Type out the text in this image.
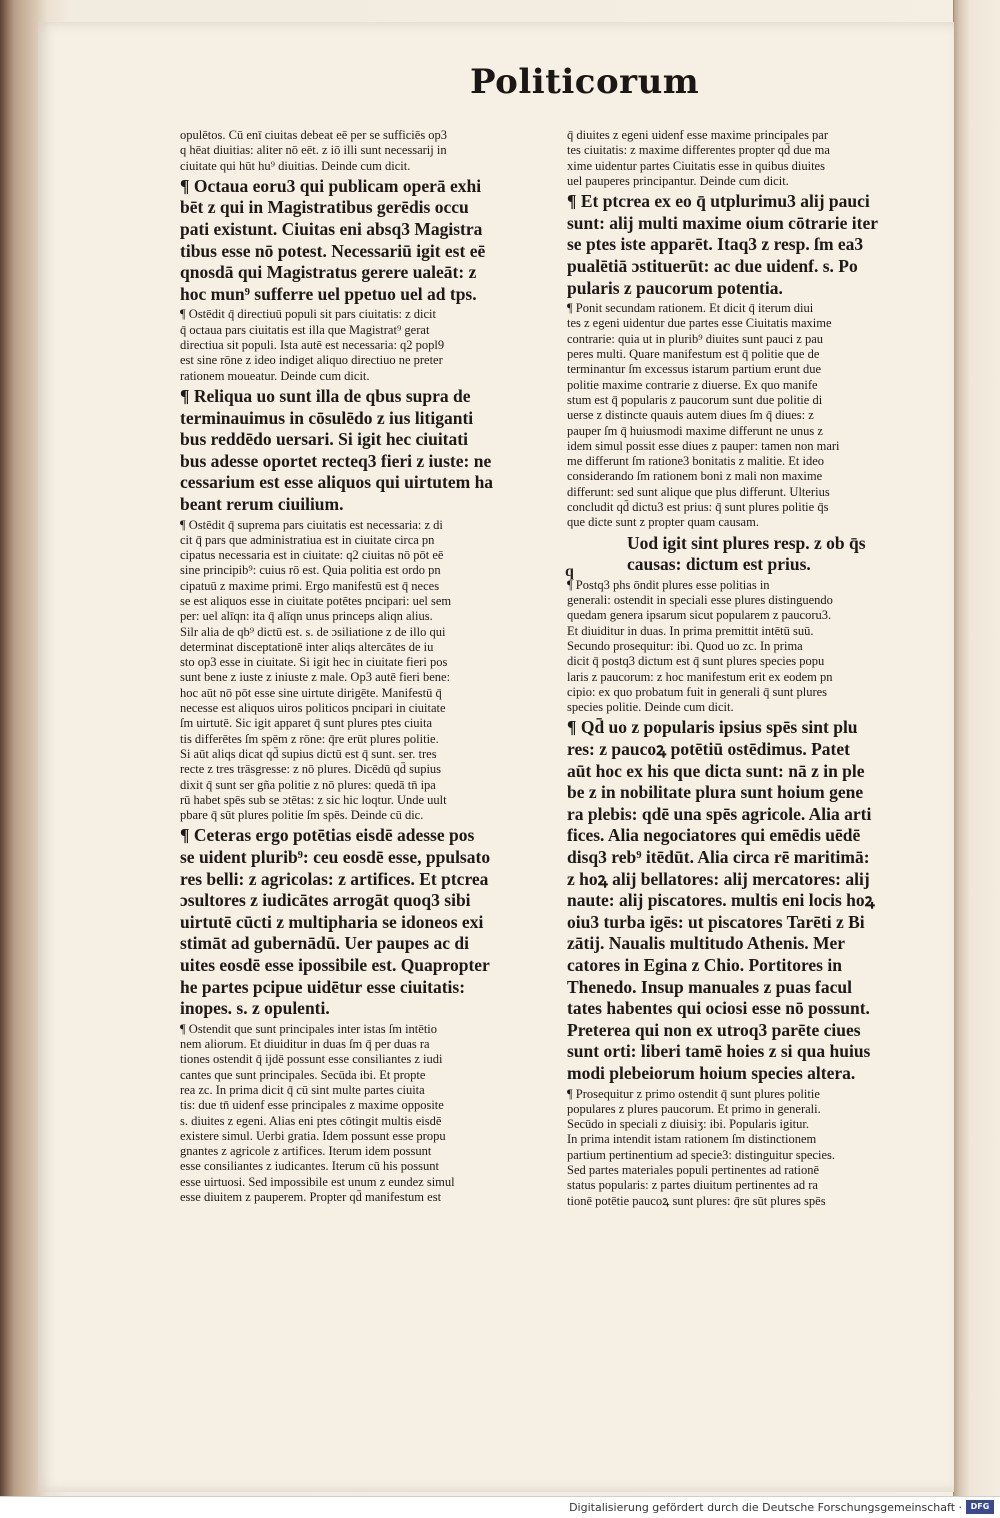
Politicorum
opulētos. Cū enī ciuitas debeat eē per se sufficiēs op3
q hēat diuitias: aliter nō eēt. z iō illi sunt necessarij in
ciuitate qui hūt hu⁹ diuitias. Deinde cum dicit.
¶ Octaua eoru3 qui publicam operā exhi
bēt z qui in Magistratibus gerēdis occu
pati existunt. Ciuitas eni absq3 Magistra
tibus esse nō potest. Necessariū igit est eē
qnosdā qui Magistratus gerere ualeāt: z
hoc mun⁹ sufferre uel ppetuo uel ad tps.
¶ Ostēdit q̄ directiuū populi sit pars ciuitatis: z dicit
q̄ octaua pars ciuitatis est illa que Magistrat⁹ gerat
directiua sit populi. Ista autē est necessaria: q2 popl9
est sine rōne z ideo indiget aliquo directiuo ne preter
rationem moueatur. Deinde cum dicit.
¶ Reliqua uo sunt illa de qbus supra de
terminauimus in cōsulēdo z ius litiganti
bus reddēdo uersari. Si igit hec ciuitati
bus adesse oportet recteq3 fieri z iuste: ne
cessarium est esse aliquos qui uirtutem ha
beant rerum ciuilium.
¶ Ostēdit q̄ suprema pars ciuitatis est necessaria: z di
cit q̄ pars que administratiua est in ciuitate circa pn
cipatus necessaria est in ciuitate: q2 ciuitas nō pōt eē
sine principib⁹: cuius rō est. Quia politia est ordo pn
cipatuū z maxime primi. Ergo manifestū est q̄ neces
se est aliquos esse in ciuitate potētes pncipari: uel sem
per: uel alīqn: ita q̄ alīqn unus princeps aliqn alius.
Silr alia de qb⁹ dictū est. s. de ɔsiliatione z de illo qui
determinat disceptationē inter aliqs altercātes de iu
sto op3 esse in ciuitate. Si igit hec in ciuitate fieri pos
sunt bene z iuste z iniuste z male. Op3 autē fieri bene:
hoc aūt nō pōt esse sine uirtute dirigēte. Manifestū q̄
necesse est aliquos uiros politicos pncipari in ciuitate
ſm uirtutē. Sic igit apparet q̄ sunt plures ptes ciuita
tis differētes ſm spēm z rōne: q̄re erūt plures politie.
Si aūt aliqs dicat qd̄ supius dictū est q̄ sunt. ser. tres
recte z tres trāsgresse: z nō plures. Dicēdū qd̄ supius
dixit q̄ sunt ser gña politie z nō plures: quedā tn̄ ipa
rū habet spēs sub se ɔtētas: z sic hic loqtur. Unde uult
pbare q̄ sūt plures politie ſm spēs. Deinde cū dic.
¶ Ceteras ergo potētias eisdē adesse pos
se uident plurib⁹: ceu eosdē esse, ppulsato
res belli: z agricolas: z artifices. Et ptcrea
ɔsultores z iudicātes arrogāt quoq3 sibi
uirtutē cūcti z multipharia se idoneos exi
stimāt ad gubernādū. Uer paupes ac di
uites eosdē esse ipossibile est. Quapropter
he partes pcipue uidētur esse ciuitatis:
inopes. s. z opulenti.
¶ Ostendit que sunt principales inter istas ſm intētio
nem aliorum. Et diuiditur in duas ſm q̄ per duas ra
tiones ostendit q̄ ijdē possunt esse consiliantes z iudi
cantes que sunt principales. Secūda ibi. Et propte
rea zc. In prima dicit q̄ cū sint multe partes ciuita
tis: due tn̄ uidenf esse principales z maxime opposite
s. diuites z egeni. Alias eni ptes cōtingit multis eisdē
existere simul. Uerbi gratia. Idem possunt esse propu
gnantes z agricole z artifices. Iterum idem possunt
esse consiliantes z iudicantes. Iterum cū his possunt
esse uirtuosi. Sed impossibile est unum z eundez simul
esse diuitem z pauperem. Propter qd̄ manifestum est
q̄ diuites z egeni uidenf esse maxime principales par
tes ciuitatis: z maxime differentes propter qd̄ due ma
xime uidentur partes Ciuitatis esse in quibus diuites
uel pauperes principantur. Deinde cum dicit.
¶ Et ptcrea ex eo q̄ utplurimu3 alij pauci
sunt: alij multi maxime oium cōtrarie iter
se ptes iste apparēt. Itaq3 z resp. ſm ea3
pualētiā ɔstituerūt: ac due uidenf. s. Po
pularis z paucorum potentia.
¶ Ponit secundam rationem. Et dicit q̄ iterum diui
tes z egeni uidentur due partes esse Ciuitatis maxime
contrarie: quia ut in plurib⁹ diuites sunt pauci z pau
peres multi. Quare manifestum est q̄ politie que de
terminantur ſm excessus istarum partium erunt due
politie maxime contrarie z diuerse. Ex quo manife
stum est q̄ popularis z paucorum sunt due politie di
uerse z distincte quauis autem diues ſm q̄ diues: z
pauper ſm q̄ huiusmodi maxime differunt ne unus z
idem simul possit esse diues z pauper: tamen non mari
me differunt ſm ratione3 bonitatis z malitie. Et ideo
considerando ſm rationem boni z mali non maxime
differunt: sed sunt alique que plus differunt. Ulterius
concludit qd̄ dictu3 est prius: q̄ sunt plures politie q̄s
que dicte sunt z propter quam causam.
Uod igit sint plures resp. z ob q̄s
causas: dictum est prius.
¶ Postq3 phs ōndit plures esse politias in
generali: ostendit in speciali esse plures distinguendo
quedam genera ipsarum sicut popularem z paucoru3.
Et diuiditur in duas. In prima premittit intētū suū.
Secundo prosequitur: ibi. Quod uo zc. In prima
dicit q̄ postq3 dictum est q̄ sunt plures species popu
laris z paucorum: z hoc manifestum erit ex eodem pn
cipio: ex quo probatum fuit in generali q̄ sunt plures
species politie. Deinde cum dicit.
¶ Qd̄ uo z popularis ipsius spēs sint plu
res: z paucoꝝ potētiū ostēdimus. Patet
aūt hoc ex his que dicta sunt: nā z in ple
be z in nobilitate plura sunt hoium gene
ra plebis: qdē una spēs agricole. Alia arti
fices. Alia negociatores qui emēdis uēdē
disq3 reb⁹ itēdūt. Alia circa rē maritimā:
z hoꝝ alij bellatores: alij mercatores: alij
naute: alij piscatores. multis eni locis hoꝝ
oiu3 turba igēs: ut piscatores Tarēti z Bi
zātij. Naualis multitudo Athenis. Mer
catores in Egina z Chio. Portitores in
Thenedo. Insup manuales z puas facul
tates habentes qui ociosi esse nō possunt.
Preterea qui non ex utroq3 parēte ciues
sunt orti: liberi tamē hoies z si qua huius
modi plebeiorum hoium species altera.
¶ Prosequitur z primo ostendit q̄ sunt plures politie
populares z plures paucorum. Et primo in generali.
Secūdo in speciali z diuisiʒ: ibi. Popularis igitur.
In prima intendit istam rationem ſm distinctionem
partium pertinentium ad specie3: distinguitur species.
Sed partes materiales populi pertinentes ad rationē
status popularis: z partes diuitum pertinentes ad ra
tionē potētie paucoꝝ sunt plures: q̄re sūt plures spēs
q
Digitalisierung gefördert durch die Deutsche Forschungsgemeinschaft ·	DFG
